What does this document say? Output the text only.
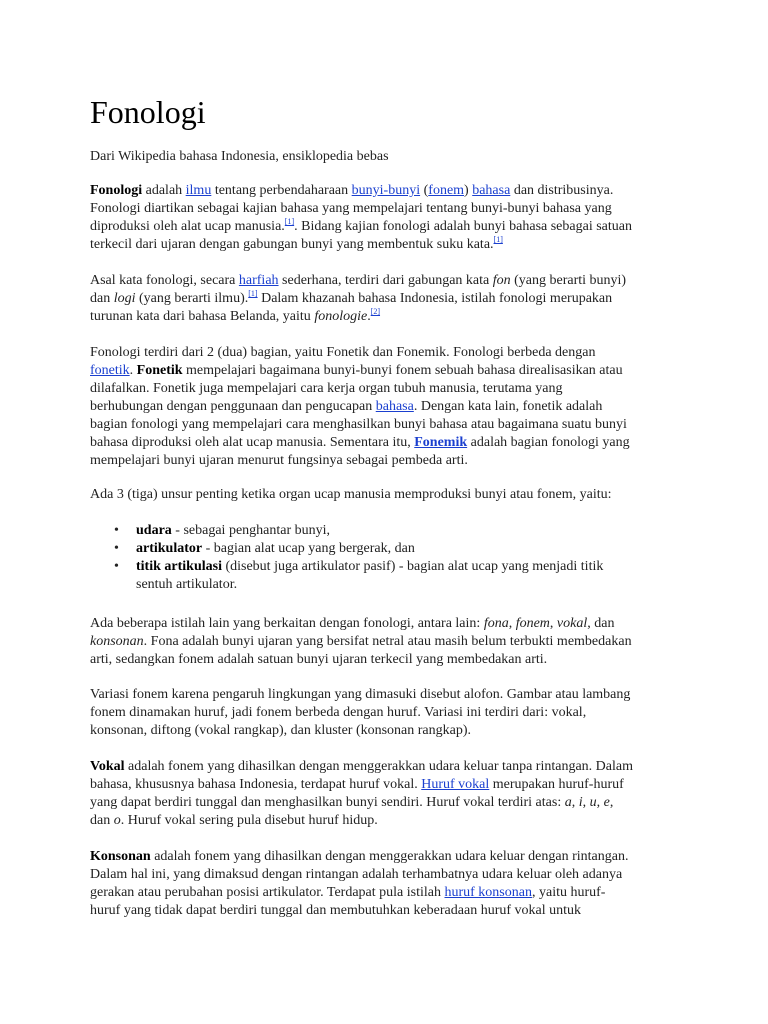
Fonologi
Dari Wikipedia bahasa Indonesia, ensiklopedia bebas
Fonologi adalah ilmu tentang perbendaharaan bunyi-bunyi (fonem) bahasa dan distribusinya.
Fonologi diartikan sebagai kajian bahasa yang mempelajari tentang bunyi-bunyi bahasa yang
diproduksi oleh alat ucap manusia.[1]. Bidang kajian fonologi adalah bunyi bahasa sebagai satuan
terkecil dari ujaran dengan gabungan bunyi yang membentuk suku kata.[1]
Asal kata fonologi, secara harfiah sederhana, terdiri dari gabungan kata fon (yang berarti bunyi)
dan logi (yang berarti ilmu).[1] Dalam khazanah bahasa Indonesia, istilah fonologi merupakan
turunan kata dari bahasa Belanda, yaitu fonologie.[2]
Fonologi terdiri dari 2 (dua) bagian, yaitu Fonetik dan Fonemik. Fonologi berbeda dengan
fonetik. Fonetik mempelajari bagaimana bunyi-bunyi fonem sebuah bahasa direalisasikan atau
dilafalkan. Fonetik juga mempelajari cara kerja organ tubuh manusia, terutama yang
berhubungan dengan penggunaan dan pengucapan bahasa. Dengan kata lain, fonetik adalah
bagian fonologi yang mempelajari cara menghasilkan bunyi bahasa atau bagaimana suatu bunyi
bahasa diproduksi oleh alat ucap manusia. Sementara itu, Fonemik adalah bagian fonologi yang
mempelajari bunyi ujaran menurut fungsinya sebagai pembeda arti.
Ada 3 (tiga) unsur penting ketika organ ucap manusia memproduksi bunyi atau fonem, yaitu:
• udara - sebagai penghantar bunyi,
• artikulator - bagian alat ucap yang bergerak, dan
• titik artikulasi (disebut juga artikulator pasif) - bagian alat ucap yang menjadi titik
sentuh artikulator.
Ada beberapa istilah lain yang berkaitan dengan fonologi, antara lain: fona, fonem, vokal, dan
konsonan. Fona adalah bunyi ujaran yang bersifat netral atau masih belum terbukti membedakan
arti, sedangkan fonem adalah satuan bunyi ujaran terkecil yang membedakan arti.
Variasi fonem karena pengaruh lingkungan yang dimasuki disebut alofon. Gambar atau lambang
fonem dinamakan huruf, jadi fonem berbeda dengan huruf. Variasi ini terdiri dari: vokal,
konsonan, diftong (vokal rangkap), dan kluster (konsonan rangkap).
Vokal adalah fonem yang dihasilkan dengan menggerakkan udara keluar tanpa rintangan. Dalam
bahasa, khususnya bahasa Indonesia, terdapat huruf vokal. Huruf vokal merupakan huruf-huruf
yang dapat berdiri tunggal dan menghasilkan bunyi sendiri. Huruf vokal terdiri atas: a, i, u, e,
dan o. Huruf vokal sering pula disebut huruf hidup.
Konsonan adalah fonem yang dihasilkan dengan menggerakkan udara keluar dengan rintangan.
Dalam hal ini, yang dimaksud dengan rintangan adalah terhambatnya udara keluar oleh adanya
gerakan atau perubahan posisi artikulator. Terdapat pula istilah huruf konsonan, yaitu huruf-
huruf yang tidak dapat berdiri tunggal dan membutuhkan keberadaan huruf vokal untuk
